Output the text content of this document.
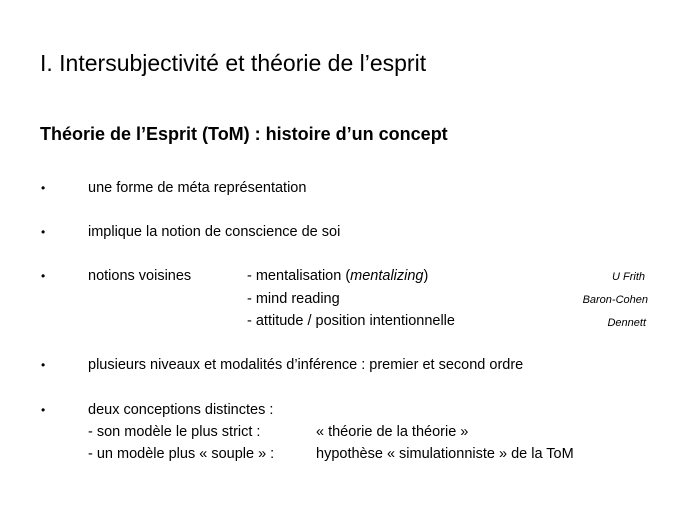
I. Intersubjectivité et théorie de l’esprit
Théorie de l’Esprit (ToM) : histoire d’un concept
•	une forme de méta représentation
•	implique la notion de conscience de soi
•	notions voisines	- mentalisation (mentalizing)	U Frith
- mind reading	Baron-Cohen
- attitude / position intentionnelle	Dennett
•	plusieurs niveaux et modalités d’inférence : premier et second ordre
•	deux conceptions distinctes :
- son modèle le plus strict :	« théorie de la théorie »
- un modèle plus « souple » :	hypothèse « simulationniste » de la ToM
